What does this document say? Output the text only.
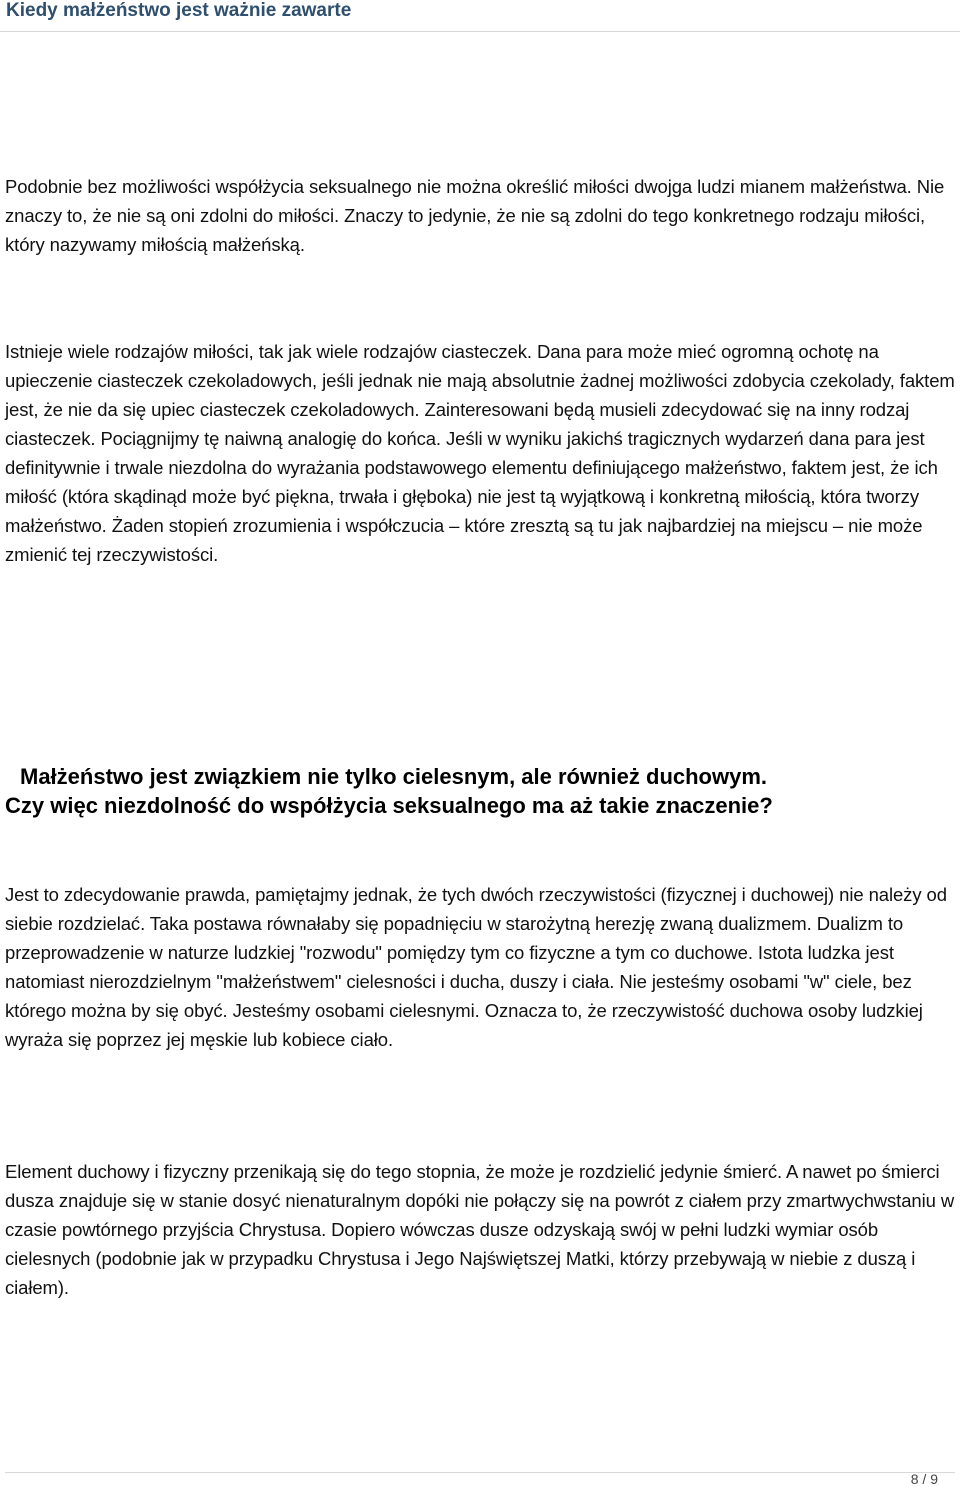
Kiedy małżeństwo jest ważnie zawarte

Podobnie bez możliwości współżycia seksualnego nie można określić miłości dwojga ludzi mianem małżeństwa. Nie znaczy to, że nie są oni zdolni do miłości. Znaczy to jedynie, że nie są zdolni do tego konkretnego rodzaju miłości, który nazywamy miłością małżeńską.

Istnieje wiele rodzajów miłości, tak jak wiele rodzajów ciasteczek. Dana para może mieć ogromną ochotę na upieczenie ciasteczek czekoladowych, jeśli jednak nie mają absolutnie żadnej możliwości zdobycia czekolady, faktem jest, że nie da się upiec ciasteczek czekoladowych. Zainteresowani będą musieli zdecydować się na inny rodzaj ciasteczek. Pociągnijmy tę naiwną analogię do końca. Jeśli w wyniku jakichś tragicznych wydarzeń dana para jest definitywnie i trwale niezdolna do wyrażania podstawowego elementu definiującego małżeństwo, faktem jest, że ich miłość (która skądinąd może być piękna, trwała i głęboka) nie jest tą wyjątkową i konkretną miłością, która tworzy małżeństwo. Żaden stopień zrozumienia i współczucia – które zresztą są tu jak najbardziej na miejscu – nie może zmienić tej rzeczywistości.

Małżeństwo jest związkiem nie tylko cielesnym, ale również duchowym.
Czy więc niezdolność do współżycia seksualnego ma aż takie znaczenie?

Jest to zdecydowanie prawda, pamiętajmy jednak, że tych dwóch rzeczywistości (fizycznej i duchowej) nie należy od siebie rozdzielać. Taka postawa równałaby się popadnięciu w starożytną herezję zwaną dualizmem. Dualizm to przeprowadzenie w naturze ludzkiej "rozwodu" pomiędzy tym co fizyczne a tym co duchowe. Istota ludzka jest natomiast nierozdzielnym "małżeństwem" cielesności i ducha, duszy i ciała. Nie jesteśmy osobami "w" ciele, bez którego można by się obyć. Jesteśmy osobami cielesnymi. Oznacza to, że rzeczywistość duchowa osoby ludzkiej wyraża się poprzez jej męskie lub kobiece ciało.

Element duchowy i fizyczny przenikają się do tego stopnia, że może je rozdzielić jedynie śmierć. A nawet po śmierci dusza znajduje się w stanie dosyć nienaturalnym dopóki nie połączy się na powrót z ciałem przy zmartwychwstaniu w czasie powtórnego przyjścia Chrystusa. Dopiero wówczas dusze odzyskają swój w pełni ludzki wymiar osób cielesnych (podobnie jak w przypadku Chrystusa i Jego Najświętszej Matki, którzy przebywają w niebie z duszą i ciałem).

8 / 9
